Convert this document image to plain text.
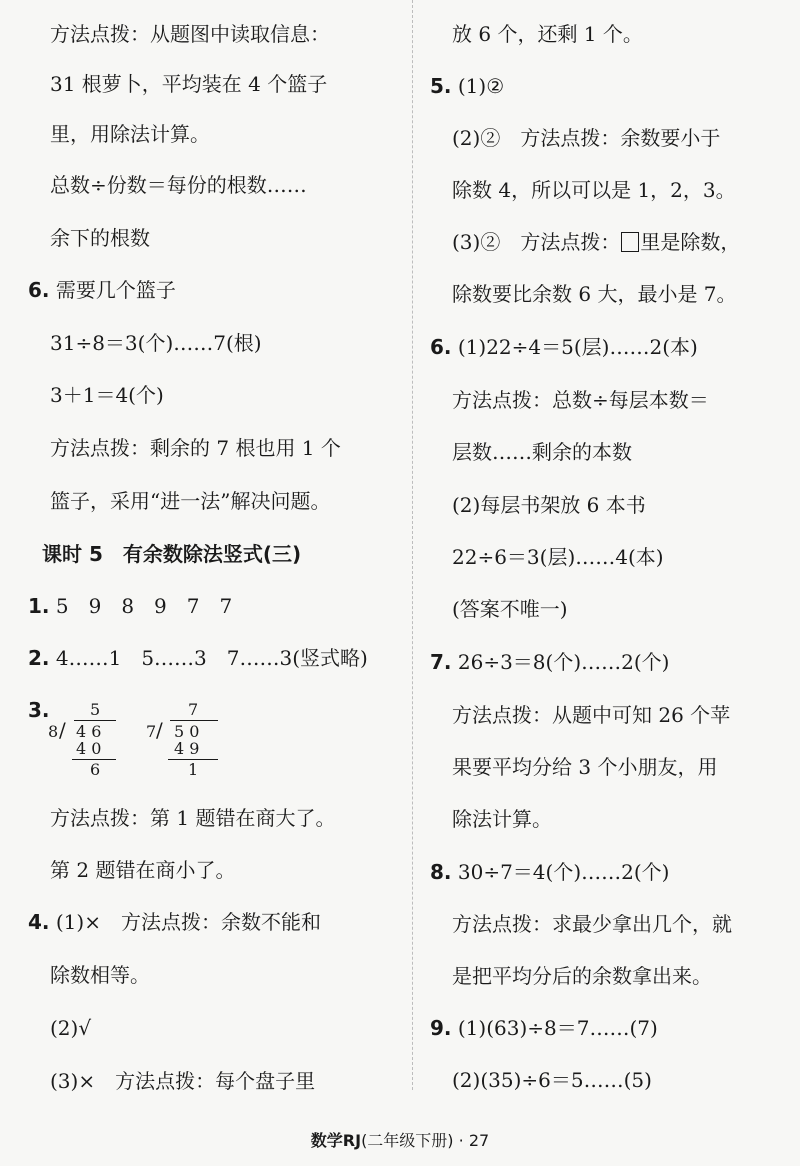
方法点拨：从题图中读取信息：
31 根萝卜，平均装在 4 个篮子
里，用除法计算。
总数÷份数＝每份的根数……
余下的根数
6. 需要几个篮子
31÷8＝3(个)……7(根)
3＋1＝4(个)
方法点拨：剩余的 7 根也用 1 个
篮子，采用“进一法”解决问题。
课时 5　有余数除法竖式(三)
1. 5　9　8　9　7　7
2. 4……1　5……3　7……3(竖式略)
3.	5
8 / 4 6
4 0
6
7
7 / 5 0
4 9
1
方法点拨：第 1 题错在商大了。
第 2 题错在商小了。
4. (1)×　方法点拨：余数不能和
除数相等。
(2)√
(3)×　方法点拨：每个盘子里
放 6 个，还剩 1 个。
5. (1)②
(2)②　方法点拨：余数要小于
除数 4，所以可以是 1，2，3。
(3)②　方法点拨： 里是除数，
除数要比余数 6 大，最小是 7。
6. (1)22÷4＝5(层)……2(本)
方法点拨：总数÷每层本数＝
层数……剩余的本数
(2)每层书架放 6 本书
22÷6＝3(层)……4(本)
(答案不唯一)
7. 26÷3＝8(个)……2(个)
方法点拨：从题中可知 26 个苹
果要平均分给 3 个小朋友，用
除法计算。
8. 30÷7＝4(个)……2(个)
方法点拨：求最少拿出几个，就
是把平均分后的余数拿出来。
9. (1)(63)÷8＝7……(7)
(2)(35)÷6＝5……(5)
数学RJ(二年级下册) · 27
